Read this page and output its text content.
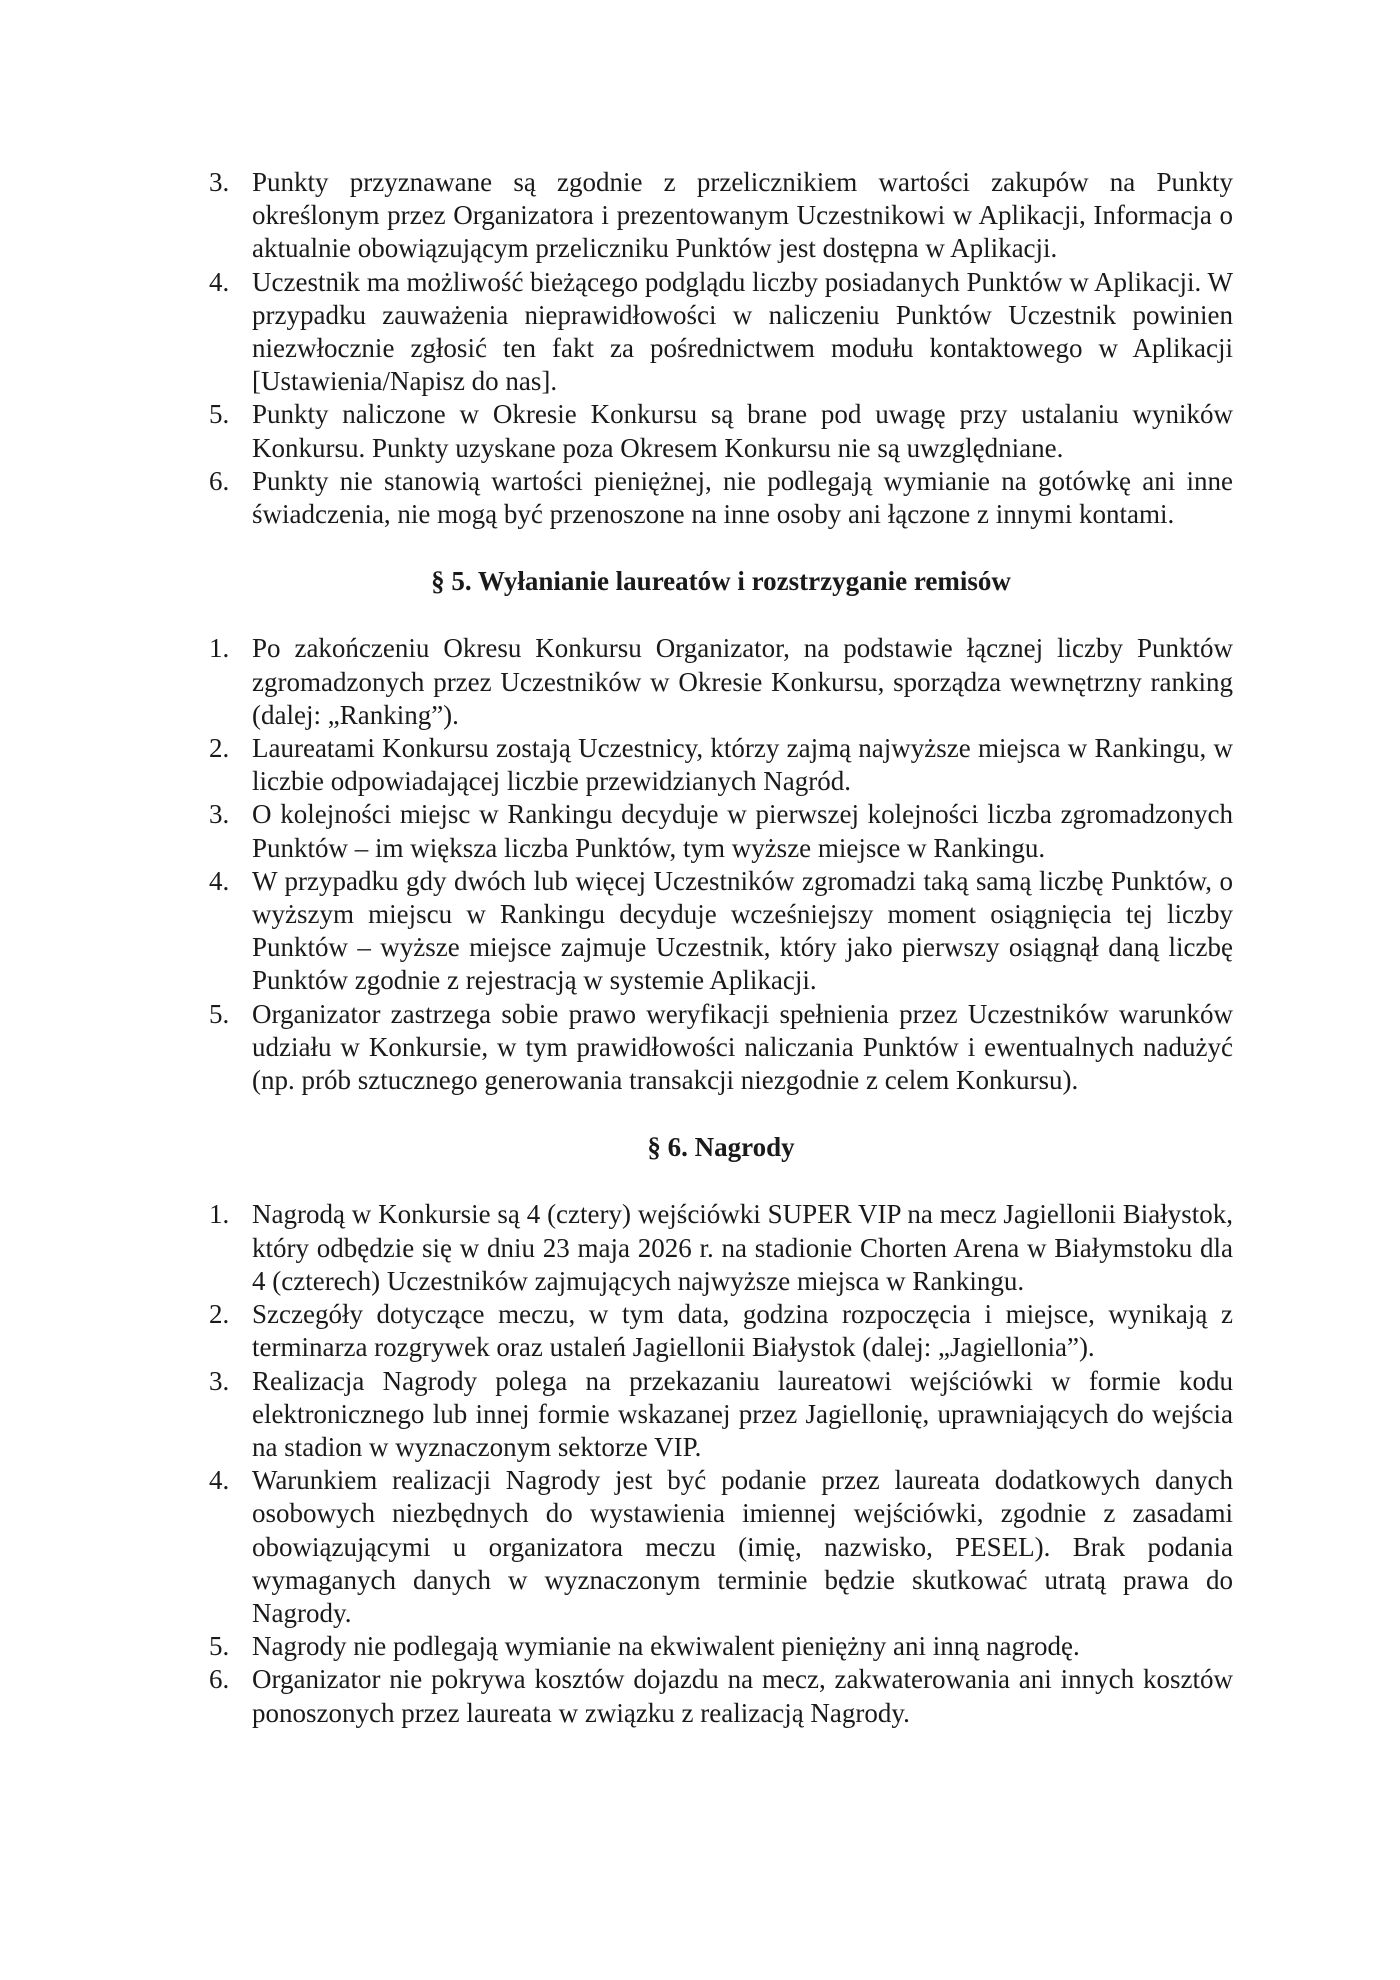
3. Punkty przyznawane są zgodnie z przelicznikiem wartości zakupów na Punkty określonym przez Organizatora i prezentowanym Uczestnikowi w Aplikacji, Informacja o aktualnie obowiązującym przeliczniku Punktów jest dostępna w Aplikacji.
4. Uczestnik ma możliwość bieżącego podglądu liczby posiadanych Punktów w Aplikacji. W przypadku zauważenia nieprawidłowości w naliczeniu Punktów Uczestnik powinien niezwłocznie zgłosić ten fakt za pośrednictwem modułu kontaktowego w Aplikacji [Ustawienia/Napisz do nas].
5. Punkty naliczone w Okresie Konkursu są brane pod uwagę przy ustalaniu wyników Konkursu. Punkty uzyskane poza Okresem Konkursu nie są uwzględniane.
6. Punkty nie stanowią wartości pieniężnej, nie podlegają wymianie na gotówkę ani inne świadczenia, nie mogą być przenoszone na inne osoby ani łączone z innymi kontami.

§ 5. Wyłanianie laureatów i rozstrzyganie remisów

1. Po zakończeniu Okresu Konkursu Organizator, na podstawie łącznej liczby Punktów zgromadzonych przez Uczestników w Okresie Konkursu, sporządza wewnętrzny ranking (dalej: „Ranking”).
2. Laureatami Konkursu zostają Uczestnicy, którzy zajmą najwyższe miejsca w Rankingu, w liczbie odpowiadającej liczbie przewidzianych Nagród.
3. O kolejności miejsc w Rankingu decyduje w pierwszej kolejności liczba zgromadzonych Punktów – im większa liczba Punktów, tym wyższe miejsce w Rankingu.
4. W przypadku gdy dwóch lub więcej Uczestników zgromadzi taką samą liczbę Punktów, o wyższym miejscu w Rankingu decyduje wcześniejszy moment osiągnięcia tej liczby Punktów – wyższe miejsce zajmuje Uczestnik, który jako pierwszy osiągnął daną liczbę Punktów zgodnie z rejestracją w systemie Aplikacji.
5. Organizator zastrzega sobie prawo weryfikacji spełnienia przez Uczestników warunków udziału w Konkursie, w tym prawidłowości naliczania Punktów i ewentualnych nadużyć (np. prób sztucznego generowania transakcji niezgodnie z celem Konkursu).

§ 6. Nagrody

1. Nagrodą w Konkursie są 4 (cztery) wejściówki SUPER VIP na mecz Jagiellonii Białystok, który odbędzie się w dniu 23 maja 2026 r. na stadionie Chorten Arena w Białymstoku dla 4 (czterech) Uczestników zajmujących najwyższe miejsca w Rankingu.
2. Szczegóły dotyczące meczu, w tym data, godzina rozpoczęcia i miejsce, wynikają z terminarza rozgrywek oraz ustaleń Jagiellonii Białystok (dalej: „Jagiellonia”).
3. Realizacja Nagrody polega na przekazaniu laureatowi wejściówki w formie kodu elektronicznego lub innej formie wskazanej przez Jagiellonię, uprawniających do wejścia na stadion w wyznaczonym sektorze VIP.
4. Warunkiem realizacji Nagrody jest być podanie przez laureata dodatkowych danych osobowych niezbędnych do wystawienia imiennej wejściówki, zgodnie z zasadami obowiązującymi u organizatora meczu (imię, nazwisko, PESEL). Brak podania wymaganych danych w wyznaczonym terminie będzie skutkować utratą prawa do Nagrody.
5. Nagrody nie podlegają wymianie na ekwiwalent pieniężny ani inną nagrodę.
6. Organizator nie pokrywa kosztów dojazdu na mecz, zakwaterowania ani innych kosztów ponoszonych przez laureata w związku z realizacją Nagrody.
